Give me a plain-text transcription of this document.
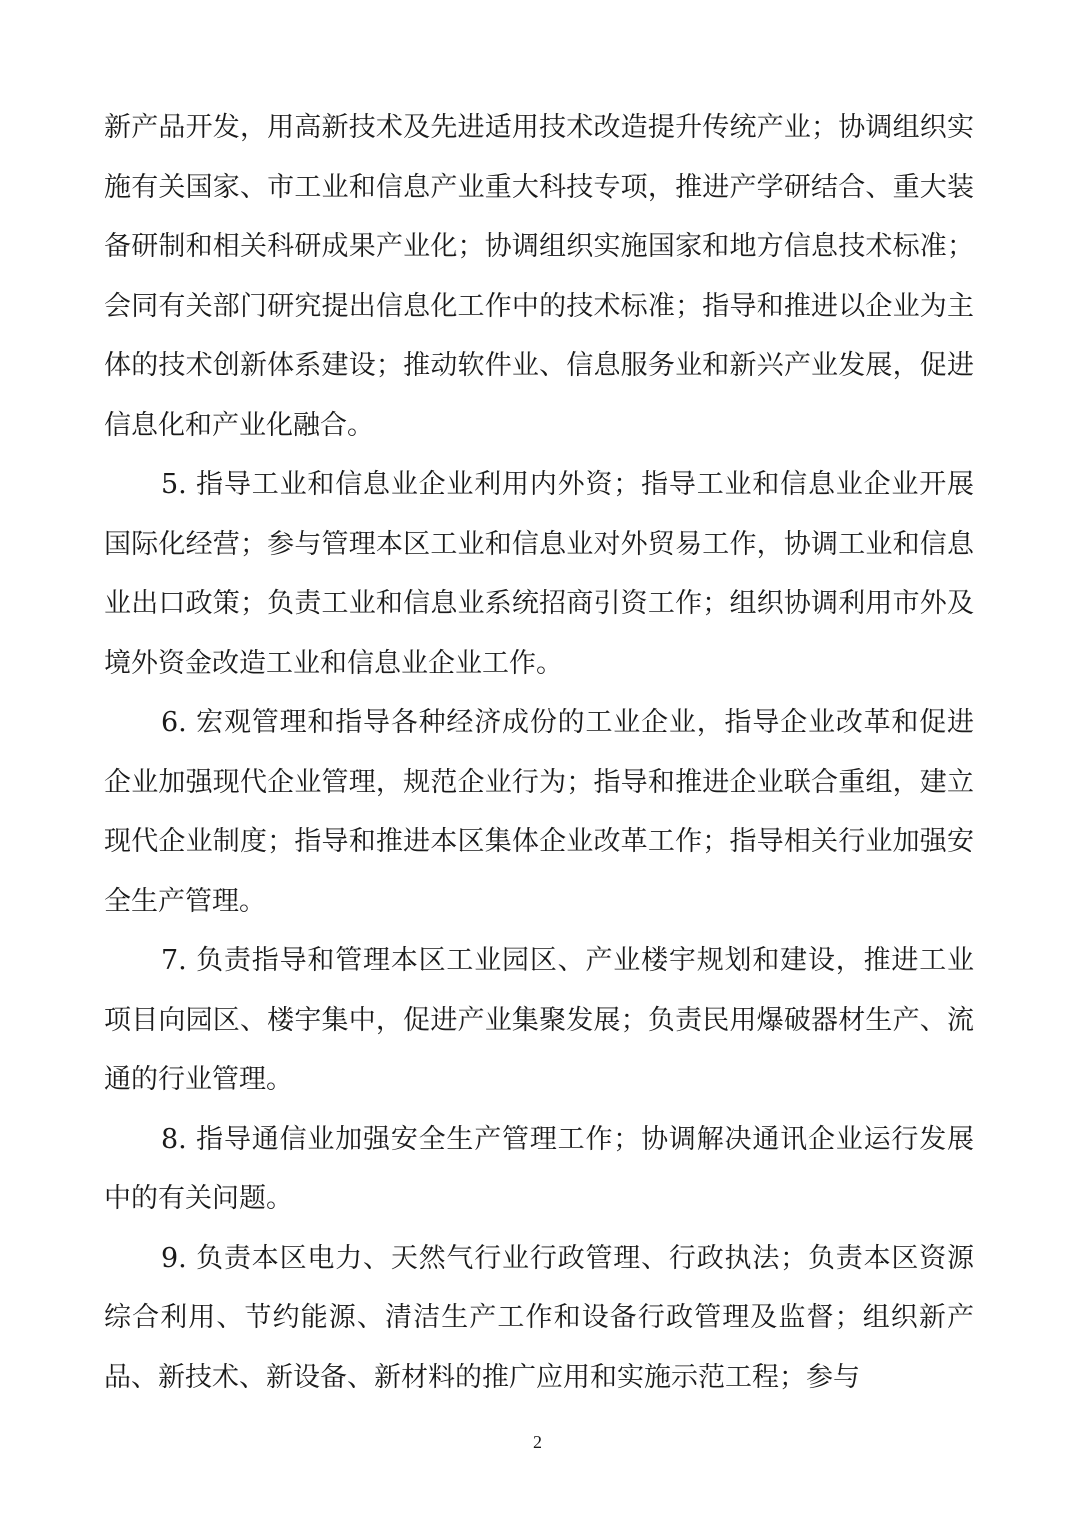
新产品开发，用高新技术及先进适用技术改造提升传统产业；协调组织实施有关国家、市工业和信息产业重大科技专项，推进产学研结合、重大装备研制和相关科研成果产业化；协调组织实施国家和地方信息技术标准；会同有关部门研究提出信息化工作中的技术标准；指导和推进以企业为主体的技术创新体系建设；推动软件业、信息服务业和新兴产业发展，促进信息化和产业化融合。

5. 指导工业和信息业企业利用内外资；指导工业和信息业企业开展国际化经营；参与管理本区工业和信息业对外贸易工作，协调工业和信息业出口政策；负责工业和信息业系统招商引资工作；组织协调利用市外及境外资金改造工业和信息业企业工作。

6. 宏观管理和指导各种经济成份的工业企业，指导企业改革和促进企业加强现代企业管理，规范企业行为；指导和推进企业联合重组，建立现代企业制度；指导和推进本区集体企业改革工作；指导相关行业加强安全生产管理。

7. 负责指导和管理本区工业园区、产业楼宇规划和建设，推进工业项目向园区、楼宇集中，促进产业集聚发展；负责民用爆破器材生产、流通的行业管理。

8. 指导通信业加强安全生产管理工作；协调解决通讯企业运行发展中的有关问题。

9. 负责本区电力、天然气行业行政管理、行政执法；负责本区资源综合利用、节约能源、清洁生产工作和设备行政管理及监督；组织新产品、新技术、新设备、新材料的推广应用和实施示范工程；参与

2
